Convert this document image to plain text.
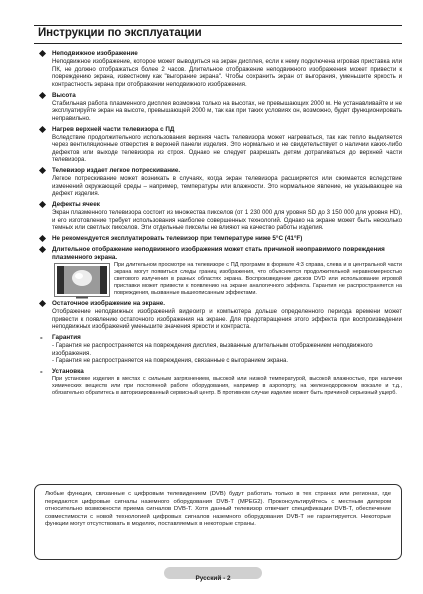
Инструкции по эксплуатации
Неподвижное изображение
Неподвижное изображение, которое может выводиться на экран дисплея, если к нему подключена игровая приставка или ПК, не должно отображаться более 2 часов. Длительное отображение неподвижного изображения может привести к повреждению экрана, известному как "выгорание экрана". Чтобы сохранить экран от выгорания, уменьшите яркость и контрастность экрана при отображении неподвижного изображения.
Высота
Стабильная работа плазменного дисплея возможна только на высотах, не превышающих 2000 м. Не устанавливайте и не эксплуатируйте экран на высоте, превышающей 2000 м, так как при таких условиях он, возможно, будет функционировать неправильно.
Нагрев верхней части телевизора с ПД
Вследствие продолжительного использования верхняя часть телевизора может нагреваться, так как тепло выделяется через вентиляционные отверстия в верхней панели изделия. Это нормально и не свидетельствует о наличии каких-либо дефектов или выходе телевизора из строя. Однако не следует разрешать детям дотрагиваться до верхней части телевизора.
Телевизор издает легкое потрескивание.
Легкое потрескивание может возникать в случаях, когда экран телевизора расширяется или сжимается вследствие изменений окружающей среды – например, температуры или влажности. Это нормальное явление, не указывающее на дефект изделия.
Дефекты ячеек
Экран плазменного телевизора состоит из множества пикселов (от 1 230 000 для уровня SD до 3 150 000 для уровня HD), и его изготовление требует использования наиболее совершенных технологий. Однако на экране может быть несколько темных или светлых пикселов. Эти отдельные пикселы не влияют на качество работы изделия.
Не рекомендуется эксплуатировать телевизор при температуре ниже 5°C (41°F)
Длительное отображение неподвижного изображения может стать причиной неоправимого повреждения плазменного экрана.
При длительном просмотре на телевизоре с ПД программ в формате 4:3 справа, слева и в центральной части экрана могут появиться следы границ изображения, что объясняется продолжительной неравномерностью светового излучения в разных областях экрана. Воспроизведение дисков DVD или использование игровой приставки может привести к появлению на экране аналогичного эффекта. Гарантия не распространяется на повреждения, вызванные вышеописанным эффектами.
Остаточное изображение на экране.
Отображение неподвижных изображений видеоигр и компьютера дольше определенного периода времени может привести к появлению остаточного изображения на экране. Для предотвращения этого эффекта при воспроизведении неподвижных изображений уменьшите значения яркости и контраста.
- Гарантия
- Гарантия не распространяется на повреждения дисплея, вызванные длительным отображением неподвижного изображения.
- Гарантия не распространяется на повреждения, связанные с выгоранием экрана.
- Установка
При установке изделия в местах с сильным загрязнением, высокой или низкой температурой, высокой влажностью, при наличии химических веществ или при постоянной работе оборудования, например в аэропорту, на железнодорожном вокзале и т.д., обязательно обратитесь в авторизированный сервисный центр. В противном случае изделие может быть причиной серьезный ущерб.
Любые функции, связанные с цифровым телевидением (DVB) будут работать только в тех странах или регионах, где передаются цифровые сигналы наземного оборудования DVB-T (MPEG2). Проконсультируйтесь с местным дилером относительно возможности приема сигналов DVB-T. Хотя данный телевизор отвечает спецификации DVB-T, обеспечение совместимости с новой технологией цифровых сигналов наземного оборудования DVB-T не гарантируется. Некоторые функции могут отсутствовать в моделях, поставляемых в некоторые страны.
Русский - 2
